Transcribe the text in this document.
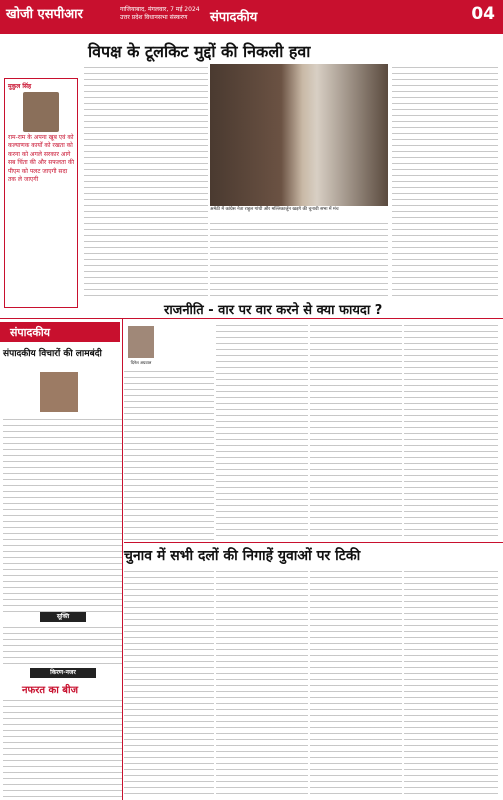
खोजी एसपीआर	गाजियाबाद, मंगलवार, 7 मई 2024
उत्तर प्रदेश विधानसभा संस्करण	संपादकीय	04
विपक्ष के टूलकिट मुद्दों की निकली हवा
मुकुल सिंह
राम-राम के अपना खूब एवं को कल्याणक कार्यों को रखता को करना को अगले सरकार आगे सब चिंता की और सफलता की पीएम को पलट जाएगी सदा तक ले जाएगी
अमेठी में कांग्रेस नेता राहुल गांधी और मल्लिकार्जुन खड़गे की चुनावी सभा में मंच
संपादकीय
संपादकीय विचारों की लामबंदी
सूक्ति
किरण-नजर
नफरत का बीज
राजनीति - वार पर वार करने से क्या फायदा ?
दिनेश अग्रवाल
चुनाव में सभी दलों की निगाहें युवाओं पर टिकी
